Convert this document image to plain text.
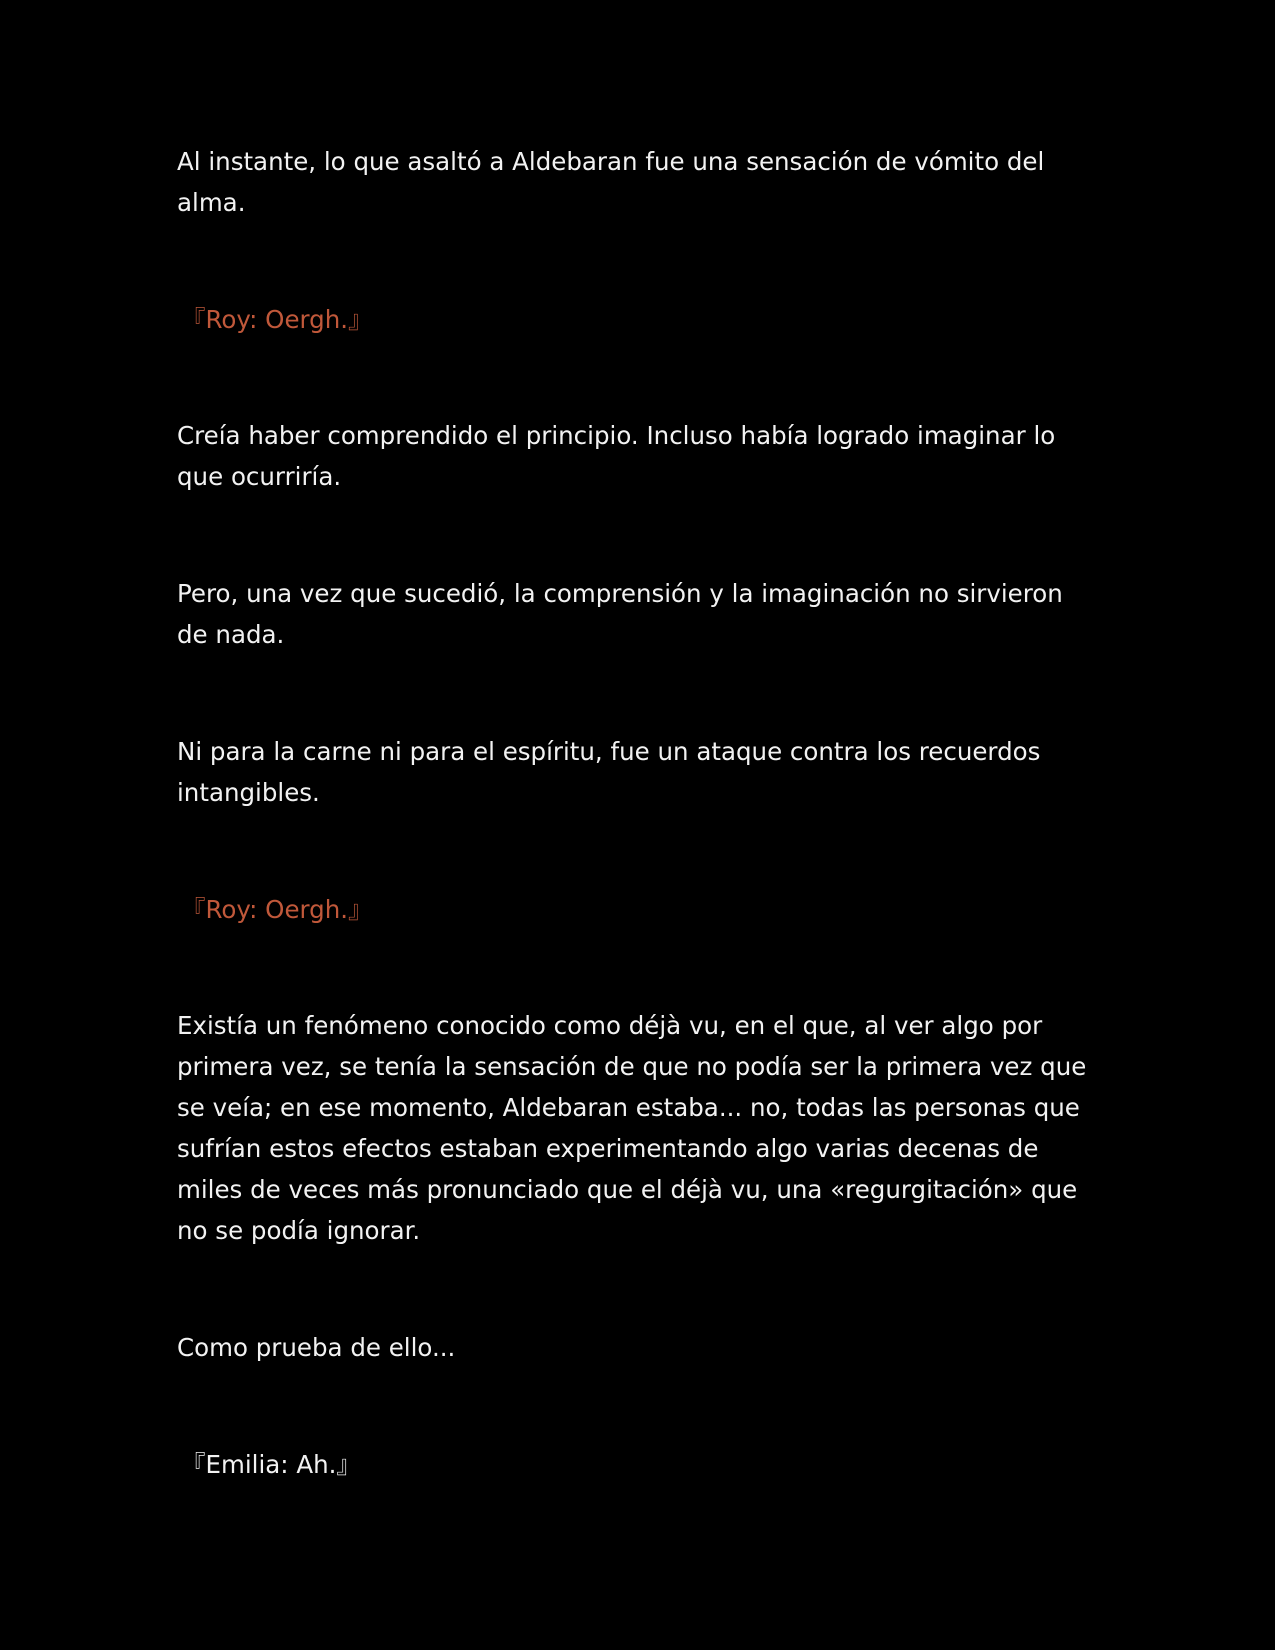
Al instante, lo que asaltó a Aldebaran fue una sensación de vómito del alma.

『Roy: Oergh.』

Creía haber comprendido el principio. Incluso había logrado imaginar lo que ocurriría.

Pero, una vez que sucedió, la comprensión y la imaginación no sirvieron de nada.

Ni para la carne ni para el espíritu, fue un ataque contra los recuerdos intangibles.

『Roy: Oergh.』

Existía un fenómeno conocido como déjà vu, en el que, al ver algo por primera vez, se tenía la sensación de que no podía ser la primera vez que se veía; en ese momento, Aldebaran estaba... no, todas las personas que sufrían estos efectos estaban experimentando algo varias decenas de miles de veces más pronunciado que el déjà vu, una «regurgitación» que no se podía ignorar.

Como prueba de ello...

『Emilia: Ah.』
